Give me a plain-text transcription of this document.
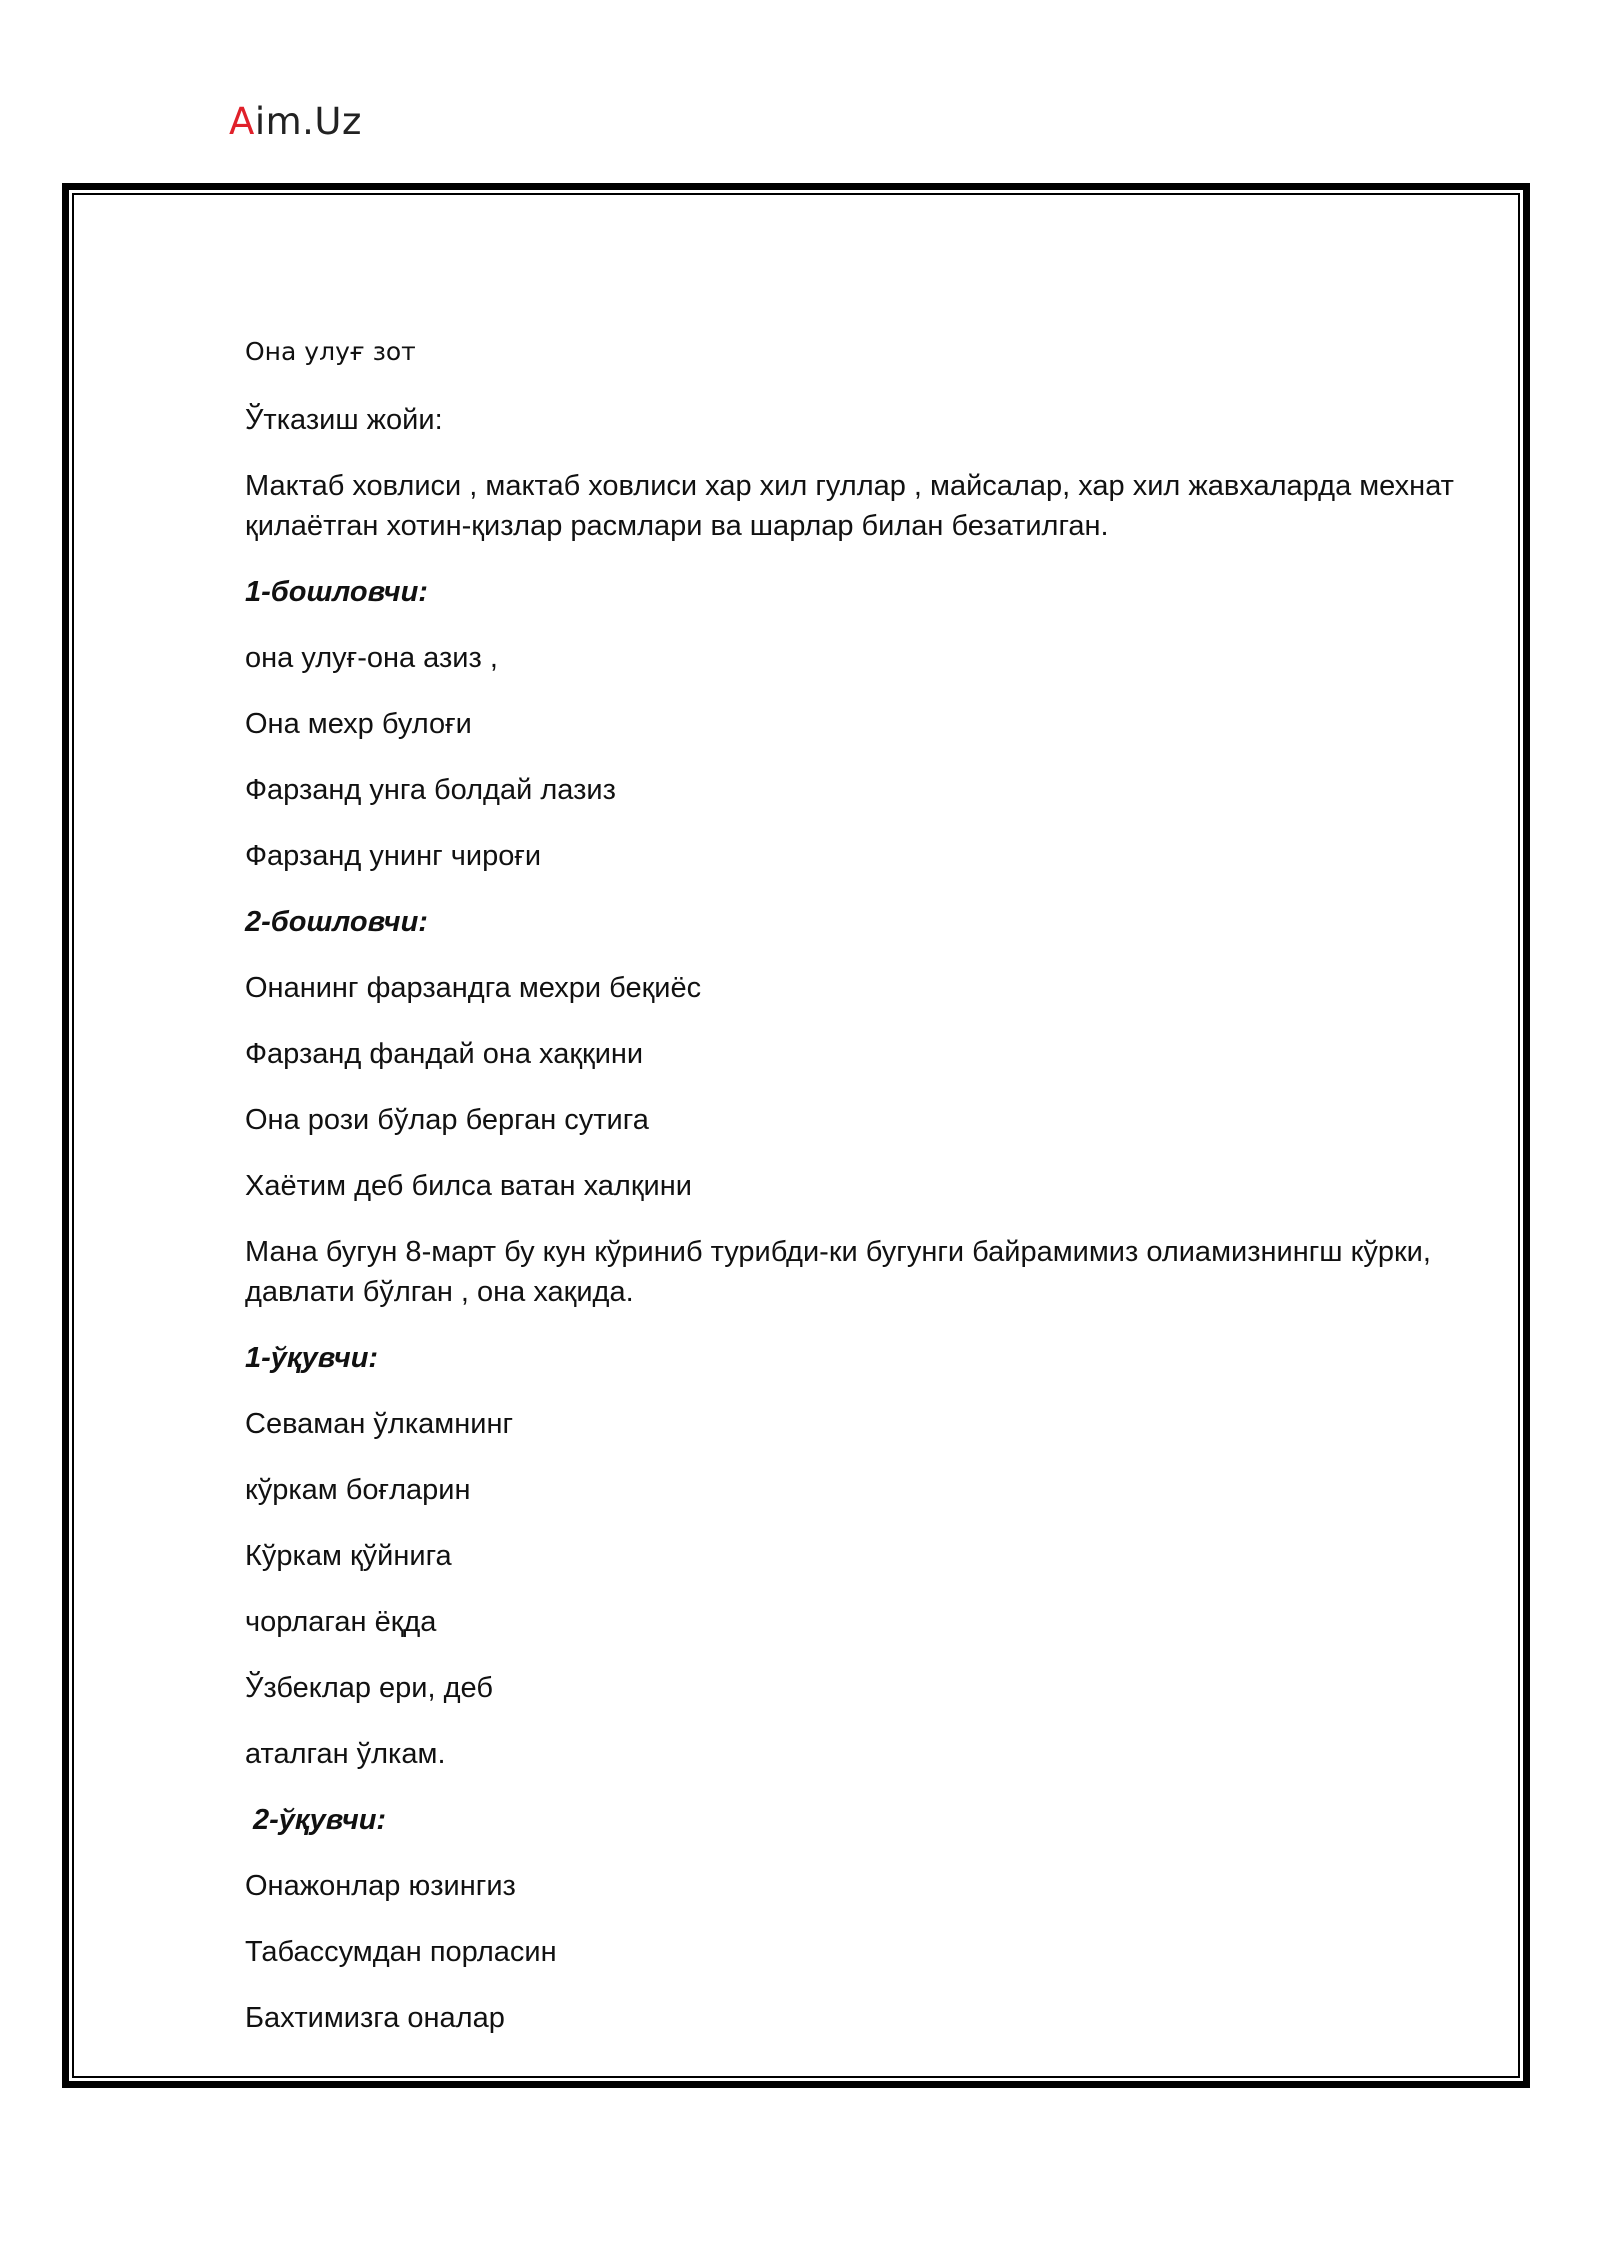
Aim.Uz

Она улуғ зот

Ўтказиш жойи:

Мактаб ховлиси , мактаб ховлиси хар хил гуллар , майсалар, хар хил жавхаларда мехнат қилаётган хотин-қизлар расмлари ва шарлар билан безатилган.

1-бошловчи:

она улуғ-она азиз ,

Она мехр булоғи

Фарзанд унга болдай лазиз

Фарзанд унинг чироғи

2-бошловчи:

Онанинг фарзандга мехри беқиёс

Фарзанд фандай она хаққини

Она рози бўлар берган сутига

Хаётим деб билса ватан халқини

Мана бугун 8-март бу кун кўриниб турибди-ки бугунги байрамимиз олиамизнингш кўрки, давлати бўлган , она хақида.

1-ўқувчи:

Севаман ўлкамнинг

кўркам боғларин

Кўркам қўйнига

чорлаган ёқда

Ўзбеклар ери, деб

аталган ўлкам.

2-ўқувчи:

Онажонлар юзингиз

Табассумдан порласин

Бахтимизга оналар
